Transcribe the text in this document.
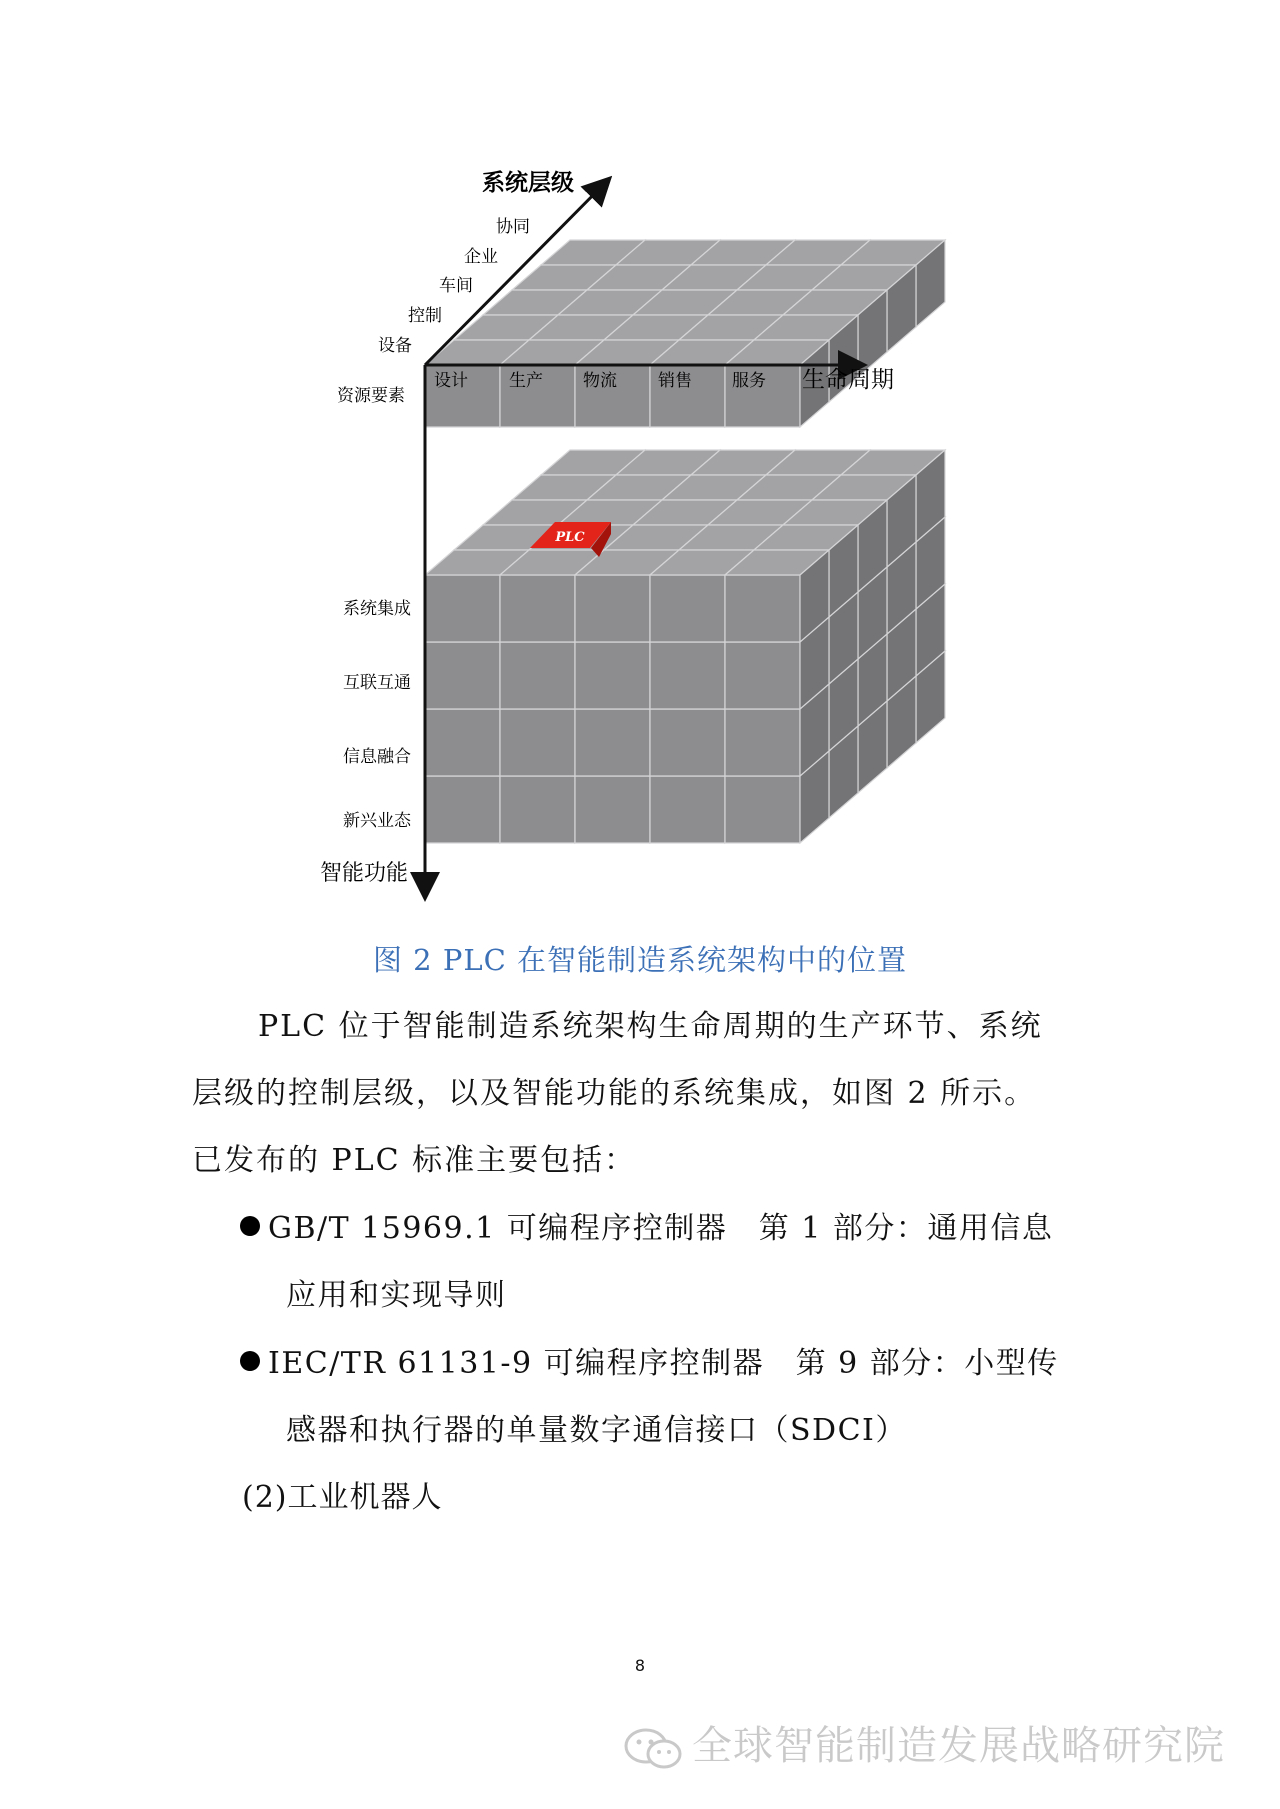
PLC
系统层级
生命周期
智能功能
协同
企业
车间
控制
设备
资源要素
设计 生产 物流 销售 服务
系统集成
互联互通
信息融合
新兴业态
图 2 PLC 在智能制造系统架构中的位置
PLC 位于智能制造系统架构生命周期的生产环节、系统
层级的控制层级，以及智能功能的系统集成，如图 2 所示。
已发布的 PLC 标准主要包括：
GB/T 15969.1 可编程序控制器　第 1 部分：通用信息
应用和实现导则
IEC/TR 61131-9 可编程序控制器　第 9 部分：小型传
感器和执行器的单量数字通信接口（SDCI）
(2)工业机器人
8
全球智能制造发展战略研究院
